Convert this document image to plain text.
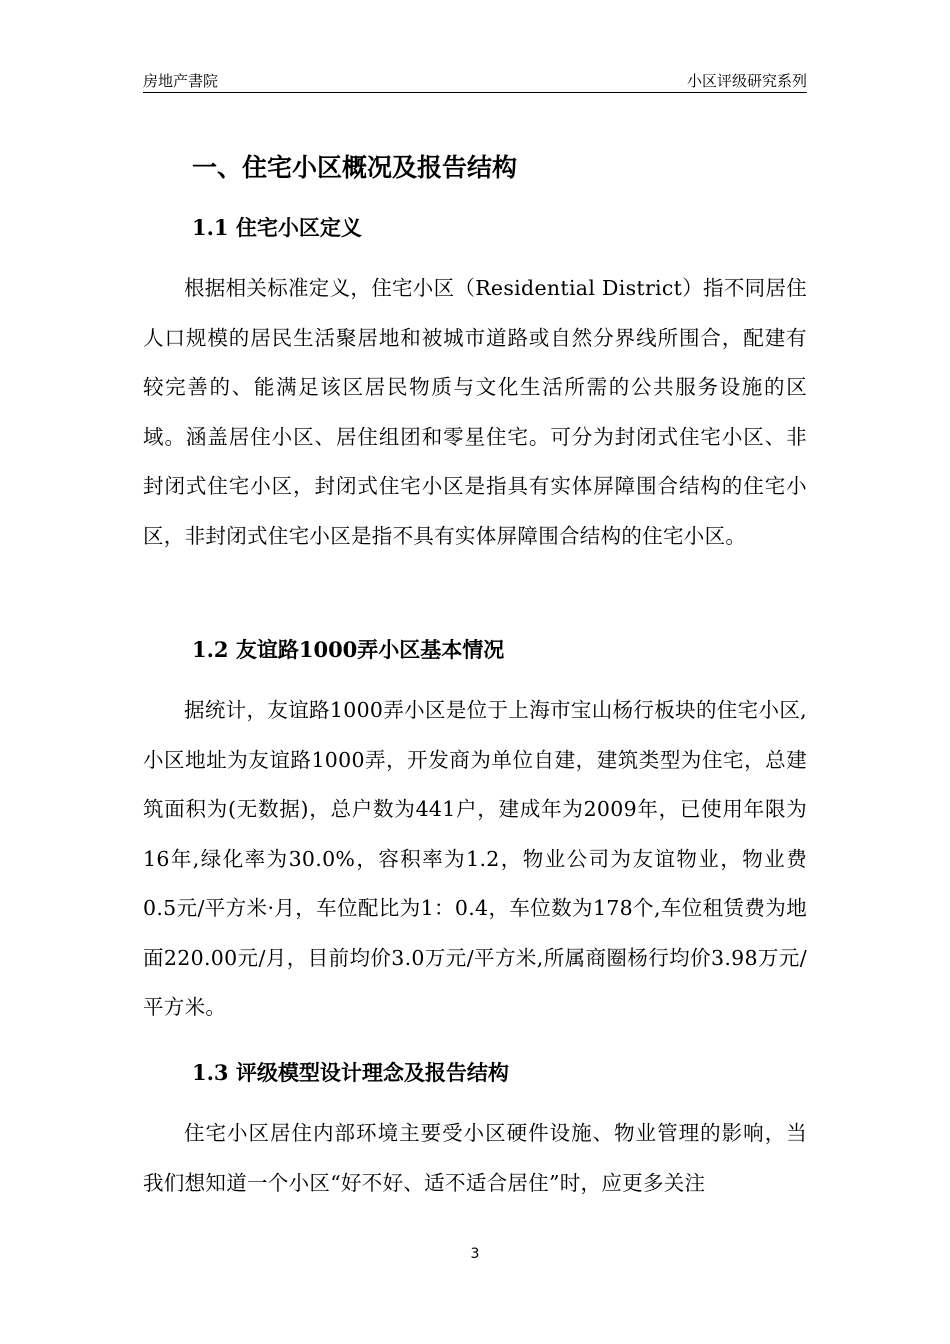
房地产書院	小区评级研究系列
一、住宅小区概况及报告结构
1.1 住宅小区定义
根据相关标准定义，住宅小区（Residential District）指不同居住人口规模的居民生活聚居地和被城市道路或自然分界线所围合，配建有较完善的、能满足该区居民物质与文化生活所需的公共服务设施的区域。涵盖居住小区、居住组团和零星住宅。可分为封闭式住宅小区、非封闭式住宅小区，封闭式住宅小区是指具有实体屏障围合结构的住宅小区，非封闭式住宅小区是指不具有实体屏障围合结构的住宅小区。
1.2 友谊路1000弄小区基本情况
据统计，友谊路1000弄小区是位于上海市宝山杨行板块的住宅小区,小区地址为友谊路1000弄，开发商为单位自建，建筑类型为住宅，总建筑面积为(无数据)，总户数为441户，建成年为2009年，已使用年限为16年,绿化率为30.0%，容积率为1.2，物业公司为友谊物业，物业费0.5元/平方米·月，车位配比为1：0.4，车位数为178个,车位租赁费为地面220.00元/月，目前均价3.0万元/平方米,所属商圈杨行均价3.98万元/平方米。
1.3 评级模型设计理念及报告结构
住宅小区居住内部环境主要受小区硬件设施、物业管理的影响，当我们想知道一个小区“好不好、适不适合居住”时，应更多关注
3
